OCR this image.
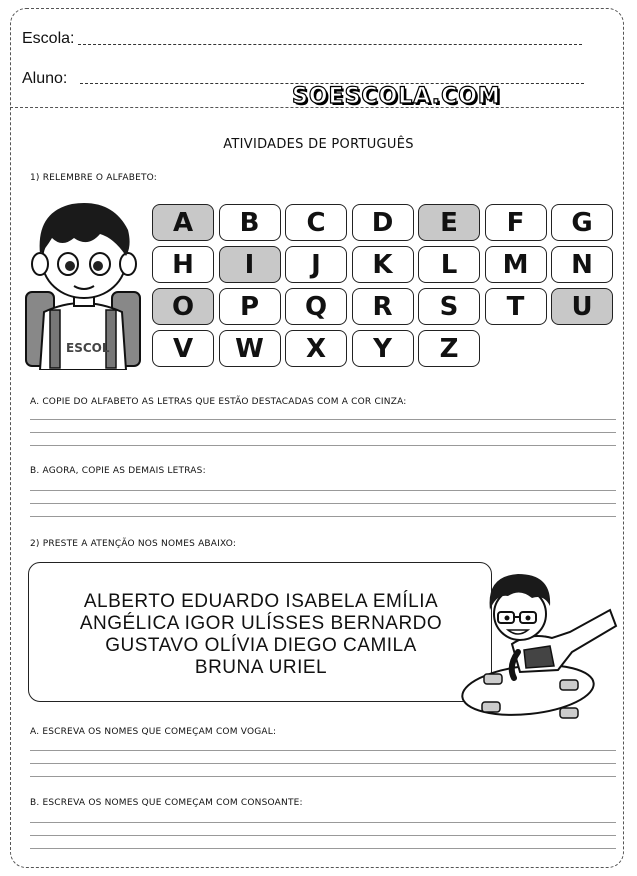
Escola:
Aluno:
SOESCOLA.COM
ATIVIDADES DE PORTUGUÊS
1) RELEMBRE O ALFABETO:
ESCOL
A	B	C	D	E	F	G
H	I	J	K	L	M	N
O	P	Q	R	S	T	U
V	W	X	Y	Z
A. COPIE DO ALFABETO AS LETRAS QUE ESTÃO DESTACADAS COM A COR CINZA:
B. AGORA, COPIE AS DEMAIS LETRAS:
2) PRESTE A ATENÇÃO NOS NOMES ABAIXO:
ALBERTO EDUARDO ISABELA EMÍLIA
ANGÉLICA IGOR ULÍSSES BERNARDO
GUSTAVO OLÍVIA DIEGO CAMILA
BRUNA URIEL
A. ESCREVA OS NOMES QUE COMEÇAM COM VOGAL:
B. ESCREVA OS NOMES QUE COMEÇAM COM CONSOANTE:
